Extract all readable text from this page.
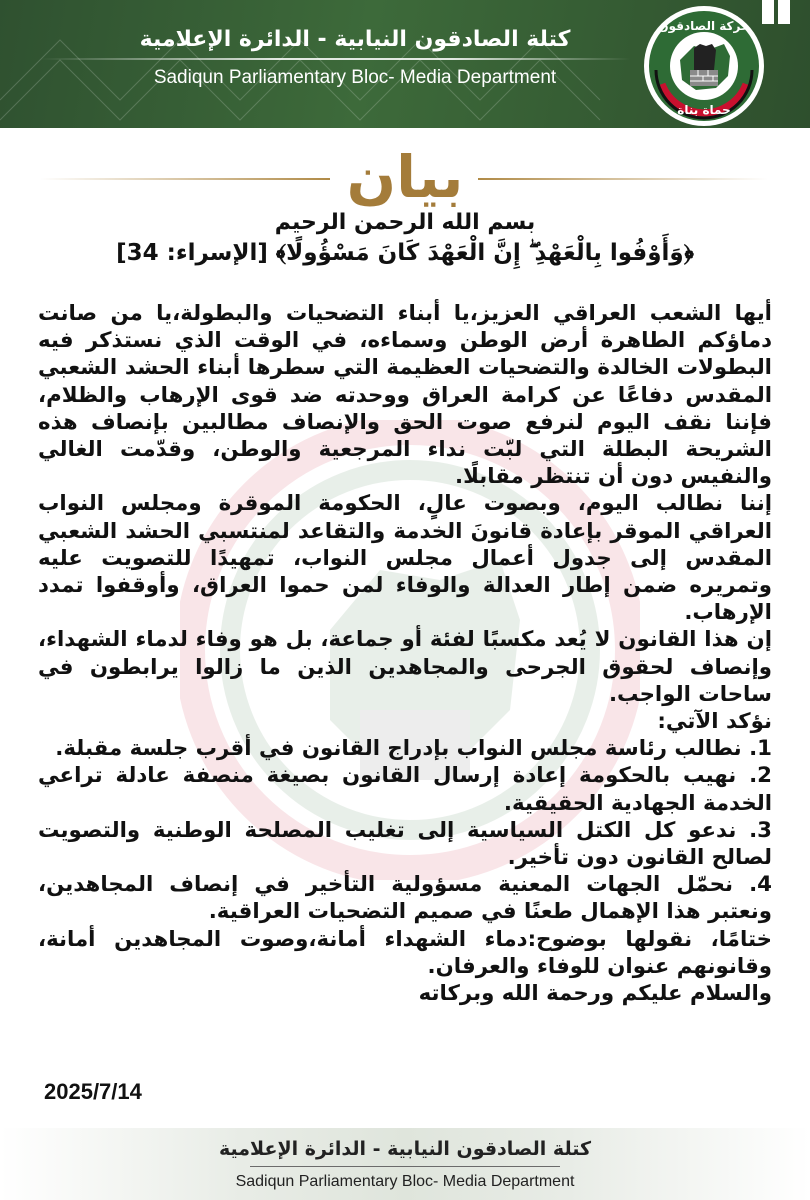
كتلة الصادقون النيابية - الدائرة الإعلامية
Sadiqun Parliamentary Bloc- Media Department
حركة الصادقون
حماة بناة
بيان
بسم الله الرحمن الرحيم
﴿وَأَوْفُوا بِالْعَهْدِ ۖ إِنَّ الْعَهْدَ كَانَ مَسْؤُولًا﴾ [الإسراء: 34]

أيها الشعب العراقي العزيز،يا أبناء التضحيات والبطولة،يا من صانت دماؤكم الطاهرة أرض الوطن وسماءه، في الوقت الذي نستذكر فيه البطولات الخالدة والتضحيات العظيمة التي سطرها أبناء الحشد الشعبي المقدس دفاعًا عن كرامة العراق ووحدته ضد قوى الإرهاب والظلام، فإننا نقف اليوم لنرفع صوت الحق والإنصاف مطالبين بإنصاف هذه الشريحة البطلة التي لبّت نداء المرجعية والوطن، وقدّمت الغالي والنفيس دون أن تنتظر مقابلًا.

إننا نطالب اليوم، وبصوت عالٍ، الحكومة الموقرة ومجلس النواب العراقي الموقر بإعادة قانونَ الخدمة والتقاعد لمنتسبي الحشد الشعبي المقدس إلى جدول أعمال مجلس النواب، تمهيدًا للتصويت عليه وتمريره ضمن إطار العدالة والوفاء لمن حموا العراق، وأوقفوا تمدد الإرهاب.

إن هذا القانون لا يُعد مكسبًا لفئة أو جماعة، بل هو وفاء لدماء الشهداء، وإنصاف لحقوق الجرحى والمجاهدين الذين ما زالوا يرابطون في ساحات الواجب.

نؤكد الآتي:

1. نطالب رئاسة مجلس النواب بإدراج القانون في أقرب جلسة مقبلة.

2. نهيب بالحكومة إعادة إرسال القانون بصيغة منصفة عادلة تراعي الخدمة الجهادية الحقيقية.

3. ندعو كل الكتل السياسية إلى تغليب المصلحة الوطنية والتصويت لصالح القانون دون تأخير.

4. نحمّل الجهات المعنية مسؤولية التأخير في إنصاف المجاهدين، ونعتبر هذا الإهمال طعنًا في صميم التضحيات العراقية.

ختامًا، نقولها بوضوح:دماء الشهداء أمانة،وصوت المجاهدين أمانة، وقانونهم عنوان للوفاء والعرفان.

والسلام عليكم ورحمة الله وبركاته

2025/7/14
كتلة الصادقون النيابية - الدائرة الإعلامية
Sadiqun Parliamentary Bloc- Media Department
